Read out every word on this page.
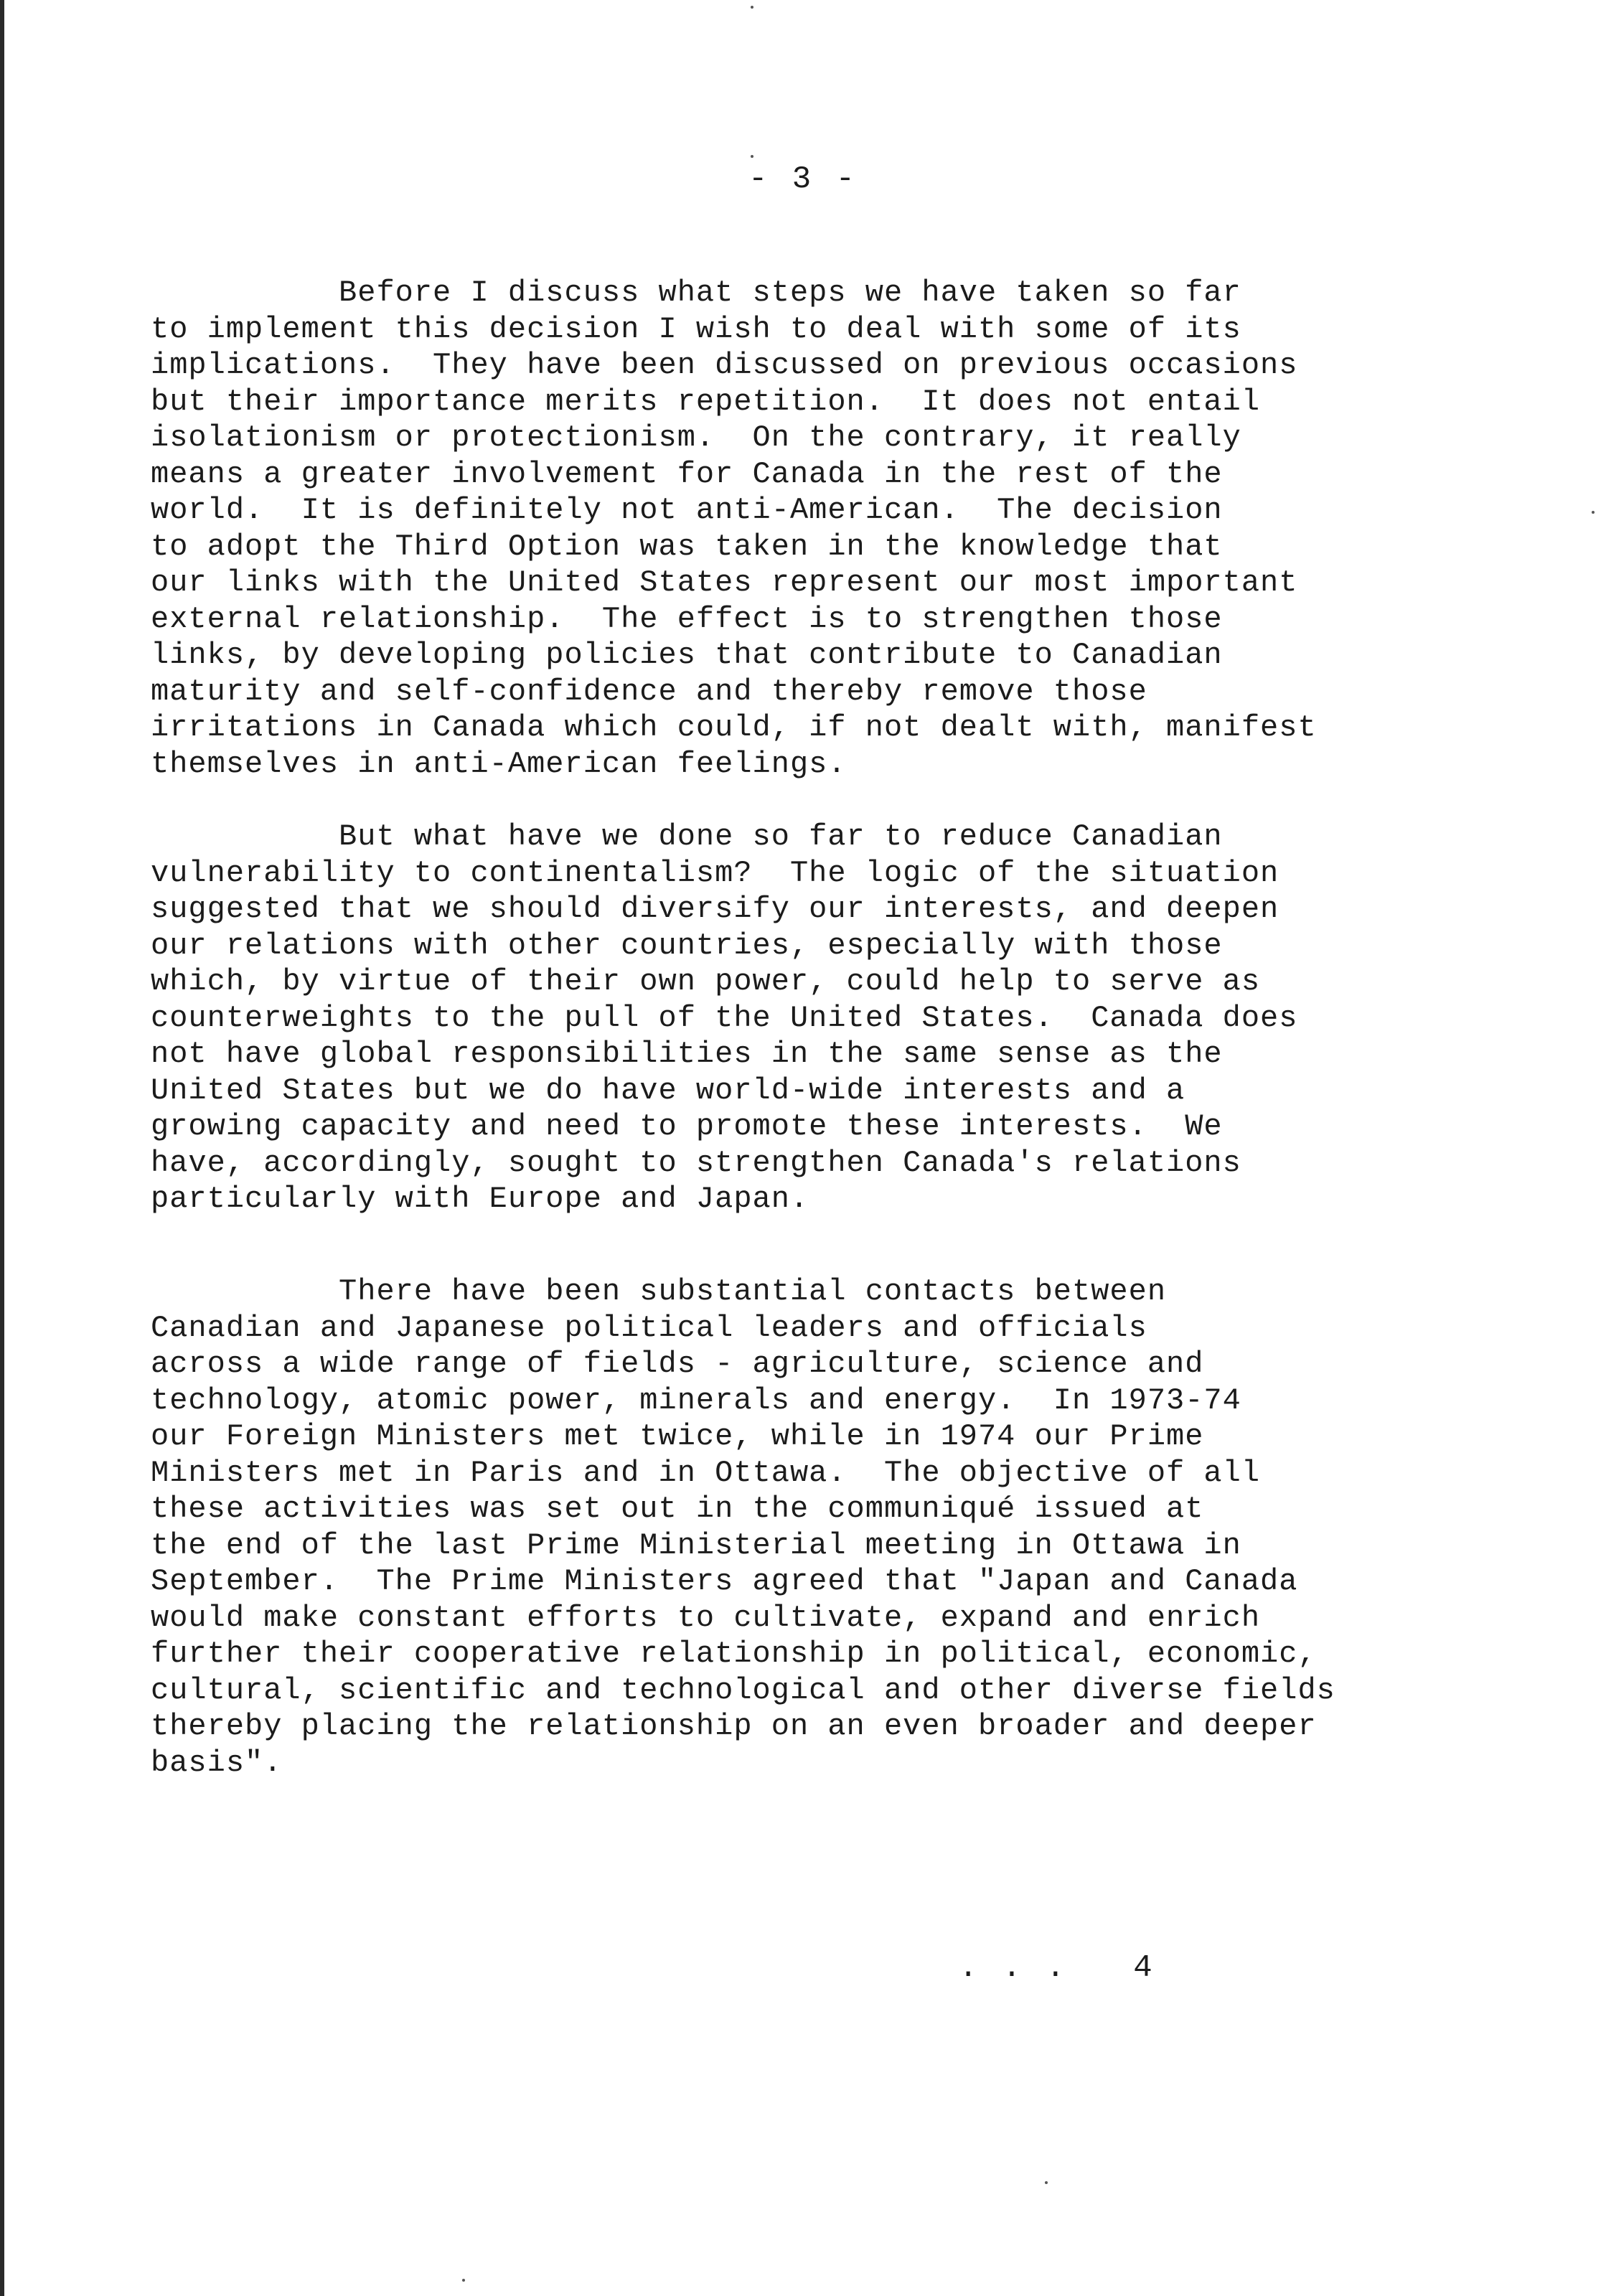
- 3 -

Before I discuss what steps we have taken so far
to implement this decision I wish to deal with some of its
implications.  They have been discussed on previous occasions
but their importance merits repetition.  It does not entail
isolationism or protectionism.  On the contrary, it really
means a greater involvement for Canada in the rest of the
world.  It is definitely not anti-American.  The decision
to adopt the Third Option was taken in the knowledge that
our links with the United States represent our most important
external relationship.  The effect is to strengthen those
links, by developing policies that contribute to Canadian
maturity and self-confidence and thereby remove those
irritations in Canada which could, if not dealt with, manifest
themselves in anti-American feelings.

But what have we done so far to reduce Canadian
vulnerability to continentalism?  The logic of the situation
suggested that we should diversify our interests, and deepen
our relations with other countries, especially with those
which, by virtue of their own power, could help to serve as
counterweights to the pull of the United States.  Canada does
not have global responsibilities in the same sense as the
United States but we do have world-wide interests and a
growing capacity and need to promote these interests.  We
have, accordingly, sought to strengthen Canada's relations
particularly with Europe and Japan.

There have been substantial contacts between
Canadian and Japanese political leaders and officials
across a wide range of fields - agriculture, science and
technology, atomic power, minerals and energy.  In 1973-74
our Foreign Ministers met twice, while in 1974 our Prime
Ministers met in Paris and in Ottawa.  The objective of all
these activities was set out in the communiqué issued at
the end of the last Prime Ministerial meeting in Ottawa in
September.  The Prime Ministers agreed that "Japan and Canada
would make constant efforts to cultivate, expand and enrich
further their cooperative relationship in political, economic,
cultural, scientific and technological and other diverse fields
thereby placing the relationship on an even broader and deeper
basis".

. . .   4
